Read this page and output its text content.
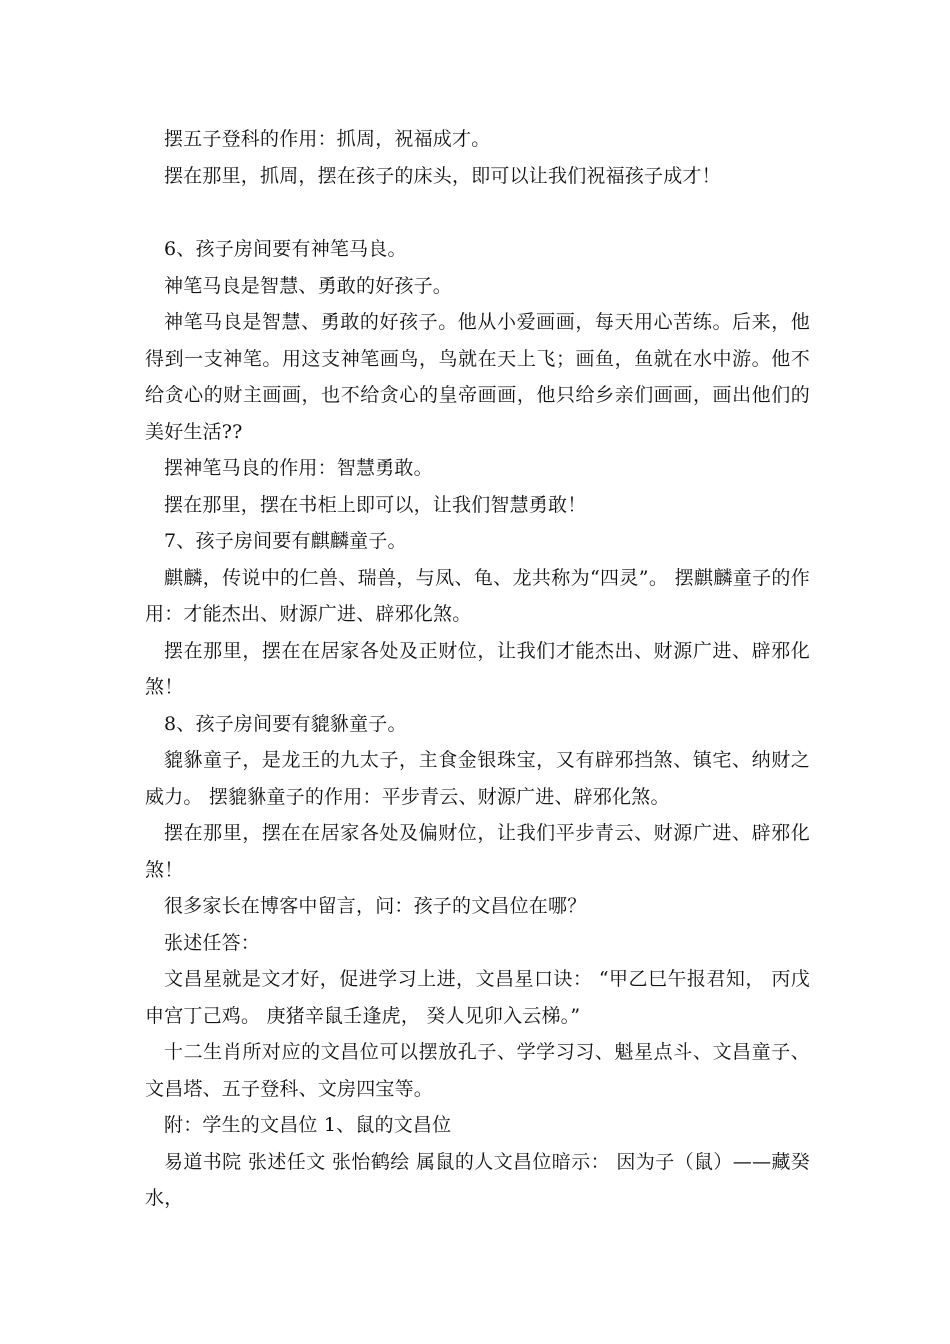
摆五子登科的作用：抓周，祝福成才。

摆在那里，抓周，摆在孩子的床头，即可以让我们祝福孩子成才！

6、孩子房间要有神笔马良。

神笔马良是智慧、勇敢的好孩子。

神笔马良是智慧、勇敢的好孩子。他从小爱画画，每天用心苦练。后来，他得到一支神笔。用这支神笔画鸟，鸟就在天上飞；画鱼，鱼就在水中游。他不给贪心的财主画画，也不给贪心的皇帝画画，他只给乡亲们画画，画出他们的美好生活??

摆神笔马良的作用：智慧勇敢。

摆在那里，摆在书柜上即可以，让我们智慧勇敢！

7、孩子房间要有麒麟童子。

麒麟，传说中的仁兽、瑞兽，与凤、龟、龙共称为“四灵”。 摆麒麟童子的作用：才能杰出、财源广进、辟邪化煞。

摆在那里，摆在在居家各处及正财位，让我们才能杰出、财源广进、辟邪化煞！

8、孩子房间要有貔貅童子。

貔貅童子，是龙王的九太子，主食金银珠宝，又有辟邪挡煞、镇宅、纳财之威力。 摆貔貅童子的作用：平步青云、财源广进、辟邪化煞。

摆在那里，摆在在居家各处及偏财位，让我们平步青云、财源广进、辟邪化煞！

很多家长在博客中留言，问：孩子的文昌位在哪？

张述任答：

文昌星就是文才好，促进学习上进，文昌星口诀： “甲乙巳午报君知， 丙戊申宫丁己鸡。 庚猪辛鼠壬逢虎， 癸人见卯入云梯。”

十二生肖所对应的文昌位可以摆放孔子、学学习习、魁星点斗、文昌童子、文昌塔、五子登科、文房四宝等。

附：学生的文昌位 1、鼠的文昌位

易道书院 张述任文 张怡鹤绘 属鼠的人文昌位暗示： 因为子（鼠）——藏癸水，
